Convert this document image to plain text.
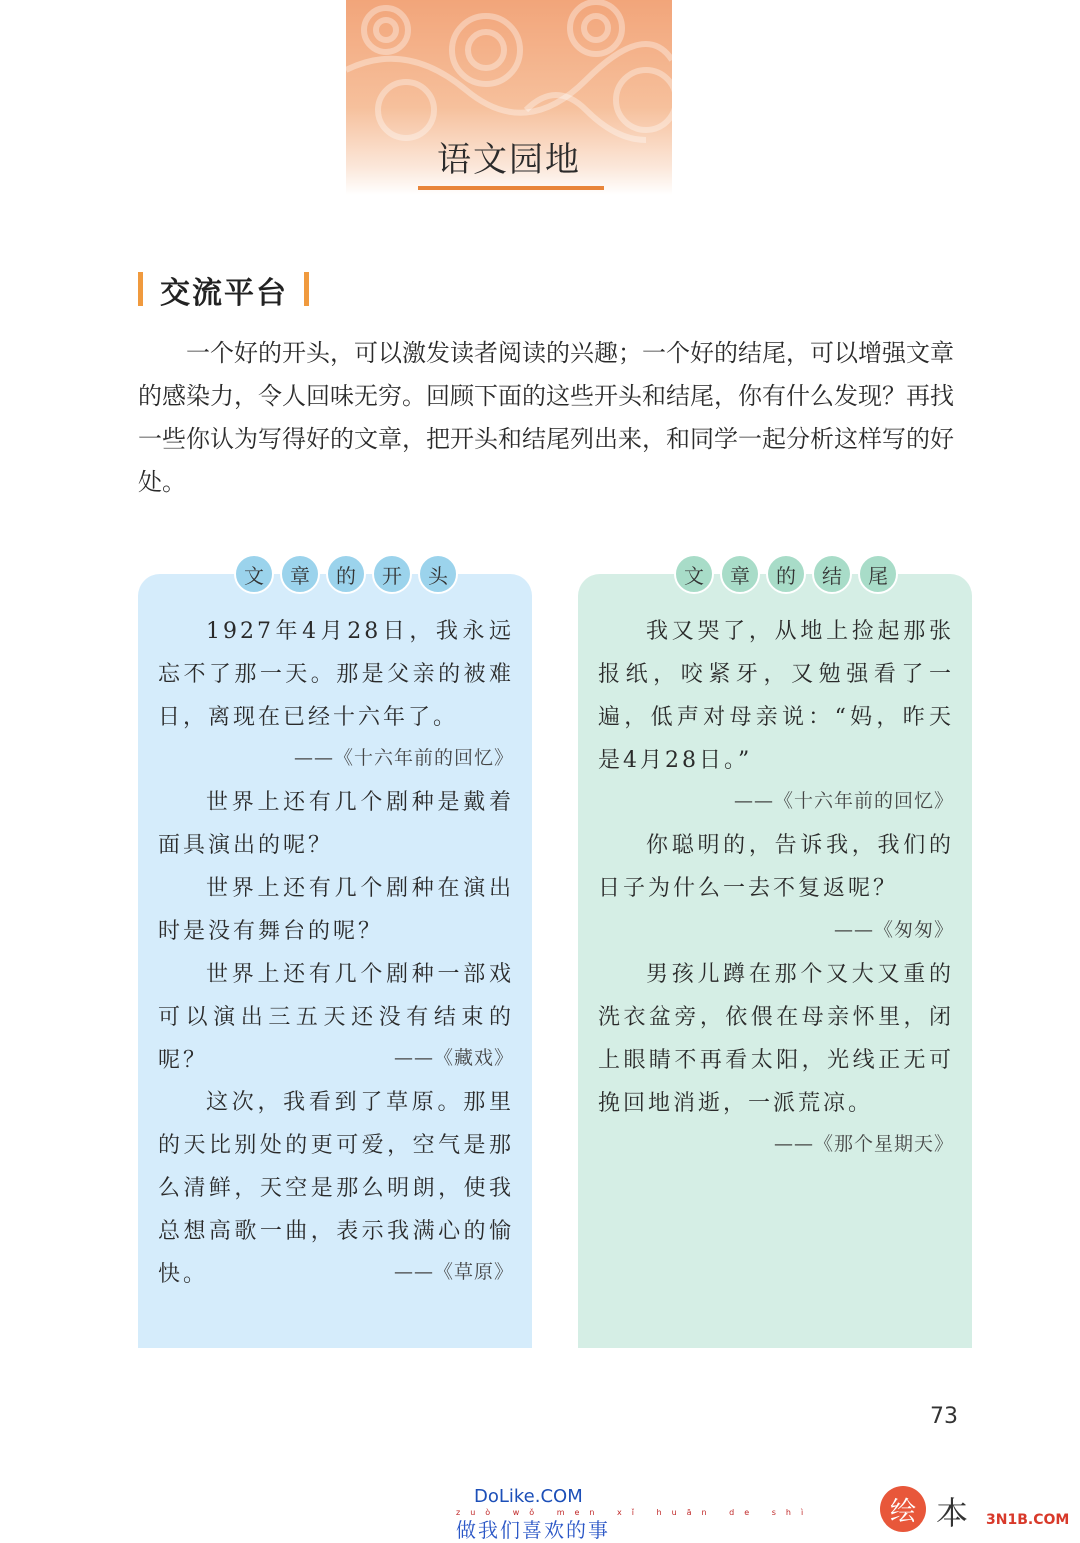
语文园地
交流平台

一个好的开头，可以激发读者阅读的兴趣；一个好的结尾，可以增强文章的感染力，令人回味无穷。回顾下面的这些开头和结尾，你有什么发现？再找一些你认为写得好的文章，把开头和结尾列出来，和同学一起分析这样写的好处。

文	章	的	开	头	文	章	的	结	尾

1927年4月28日，我永远忘不了那一天。那是父亲的被难日，离现在已经十六年了。

——《十六年前的回忆》

世界上还有几个剧种是戴着面具演出的呢？

世界上还有几个剧种在演出时是没有舞台的呢？

世界上还有几个剧种一部戏可以演出三五天还没有结束的呢？	——《藏戏》

这次，我看到了草原。那里的天比别处的更可爱，空气是那么清鲜，天空是那么明朗，使我总想高歌一曲，表示我满心的愉快。	——《草原》

我又哭了，从地上捡起那张报纸，咬紧牙，又勉强看了一遍，低声对母亲说：“妈，昨天是4月28日。”

——《十六年前的回忆》

你聪明的，告诉我，我们的日子为什么一去不复返呢？

——《匆匆》

男孩儿蹲在那个又大又重的洗衣盆旁，依偎在母亲怀里，闭上眼睛不再看太阳，光线正无可挽回地消逝，一派荒凉。

——《那个星期天》

73
DoLike.COM
zuò wǒ men xǐ huān de shì
做我们喜欢的事
绘 本 3N1B.COM
